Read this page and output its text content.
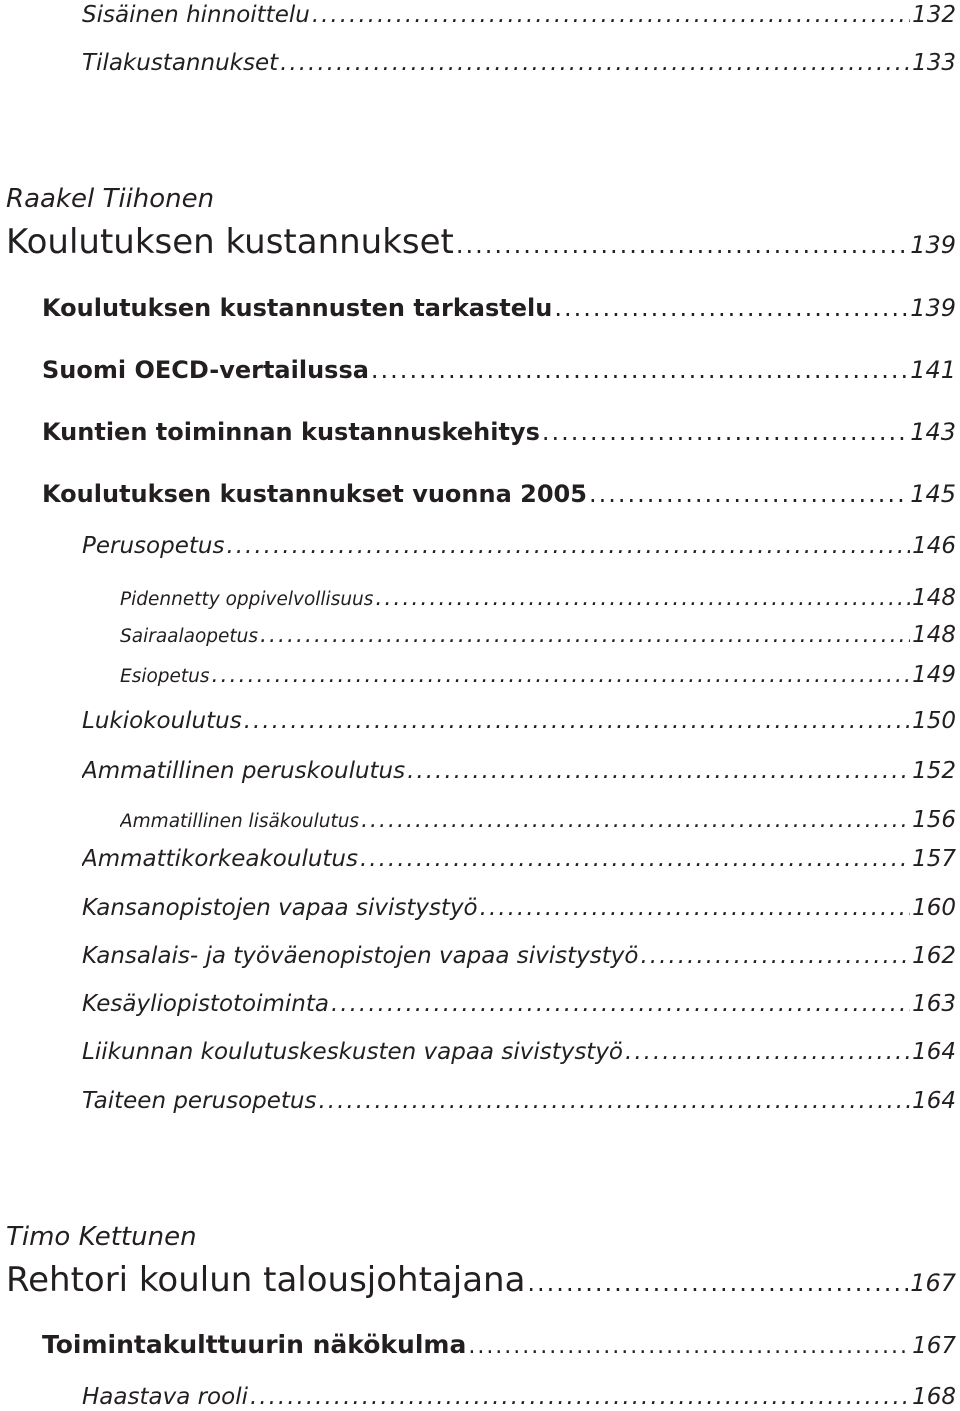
Sisäinen hinnoittelu .....	132
Tilakustannukset .....	133
Raakel Tiihonen
Koulutuksen kustannukset .....	139
Koulutuksen kustannusten tarkastelu .....	139
Suomi OECD-vertailussa .....	141
Kuntien toiminnan kustannuskehitys .....	143
Koulutuksen kustannukset vuonna 2005 .....	145
Perusopetus .....	146
Pidennetty oppivelvollisuus .....	148
Sairaalaopetus .....	148
Esiopetus .....	149
Lukiokoulutus .....	150
Ammatillinen peruskoulutus .....	152
Ammatillinen lisäkoulutus .....	156
Ammattikorkeakoulutus .....	157
Kansanopistojen vapaa sivistystyö .....	160
Kansalais- ja työväenopistojen vapaa sivistystyö .....	162
Kesäyliopistotoiminta .....	163
Liikunnan koulutuskeskusten vapaa sivistystyö .....	164
Taiteen perusopetus .....	164
Timo Kettunen
Rehtori koulun talousjohtajana .....	167
Toimintakulttuurin näkökulma .....	167
Haastava rooli .....	168
